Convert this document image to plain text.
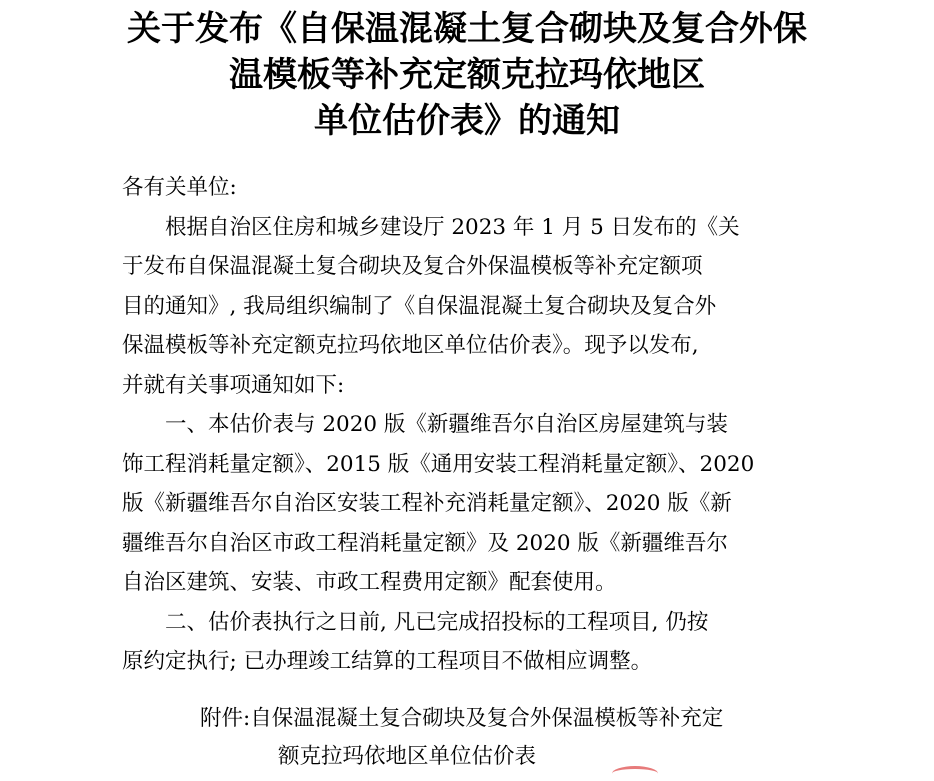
关于发布《自保温混凝土复合砌块及复合外保
温模板等补充定额克拉玛依地区
单位估价表》的通知

各有关单位:

根据自治区住房和城乡建设厅 2023 年 1 月 5 日发布的《关
于发布自保温混凝土复合砌块及复合外保温模板等补充定额项
目的通知》, 我局组织编制了《自保温混凝土复合砌块及复合外
保温模板等补充定额克拉玛依地区单位估价表》。现予以发布,
并就有关事项通知如下:

一、本估价表与 2020 版《新疆维吾尔自治区房屋建筑与装
饰工程消耗量定额》、2015 版《通用安装工程消耗量定额》、2020
版《新疆维吾尔自治区安装工程补充消耗量定额》、2020 版《新
疆维吾尔自治区市政工程消耗量定额》及 2020 版《新疆维吾尔
自治区建筑、安装、市政工程费用定额》配套使用。

二、估价表执行之日前, 凡已完成招投标的工程项目, 仍按
原约定执行; 已办理竣工结算的工程项目不做相应调整。

附件:自保温混凝土复合砌块及复合外保温模板等补充定
额克拉玛依地区单位估价表
